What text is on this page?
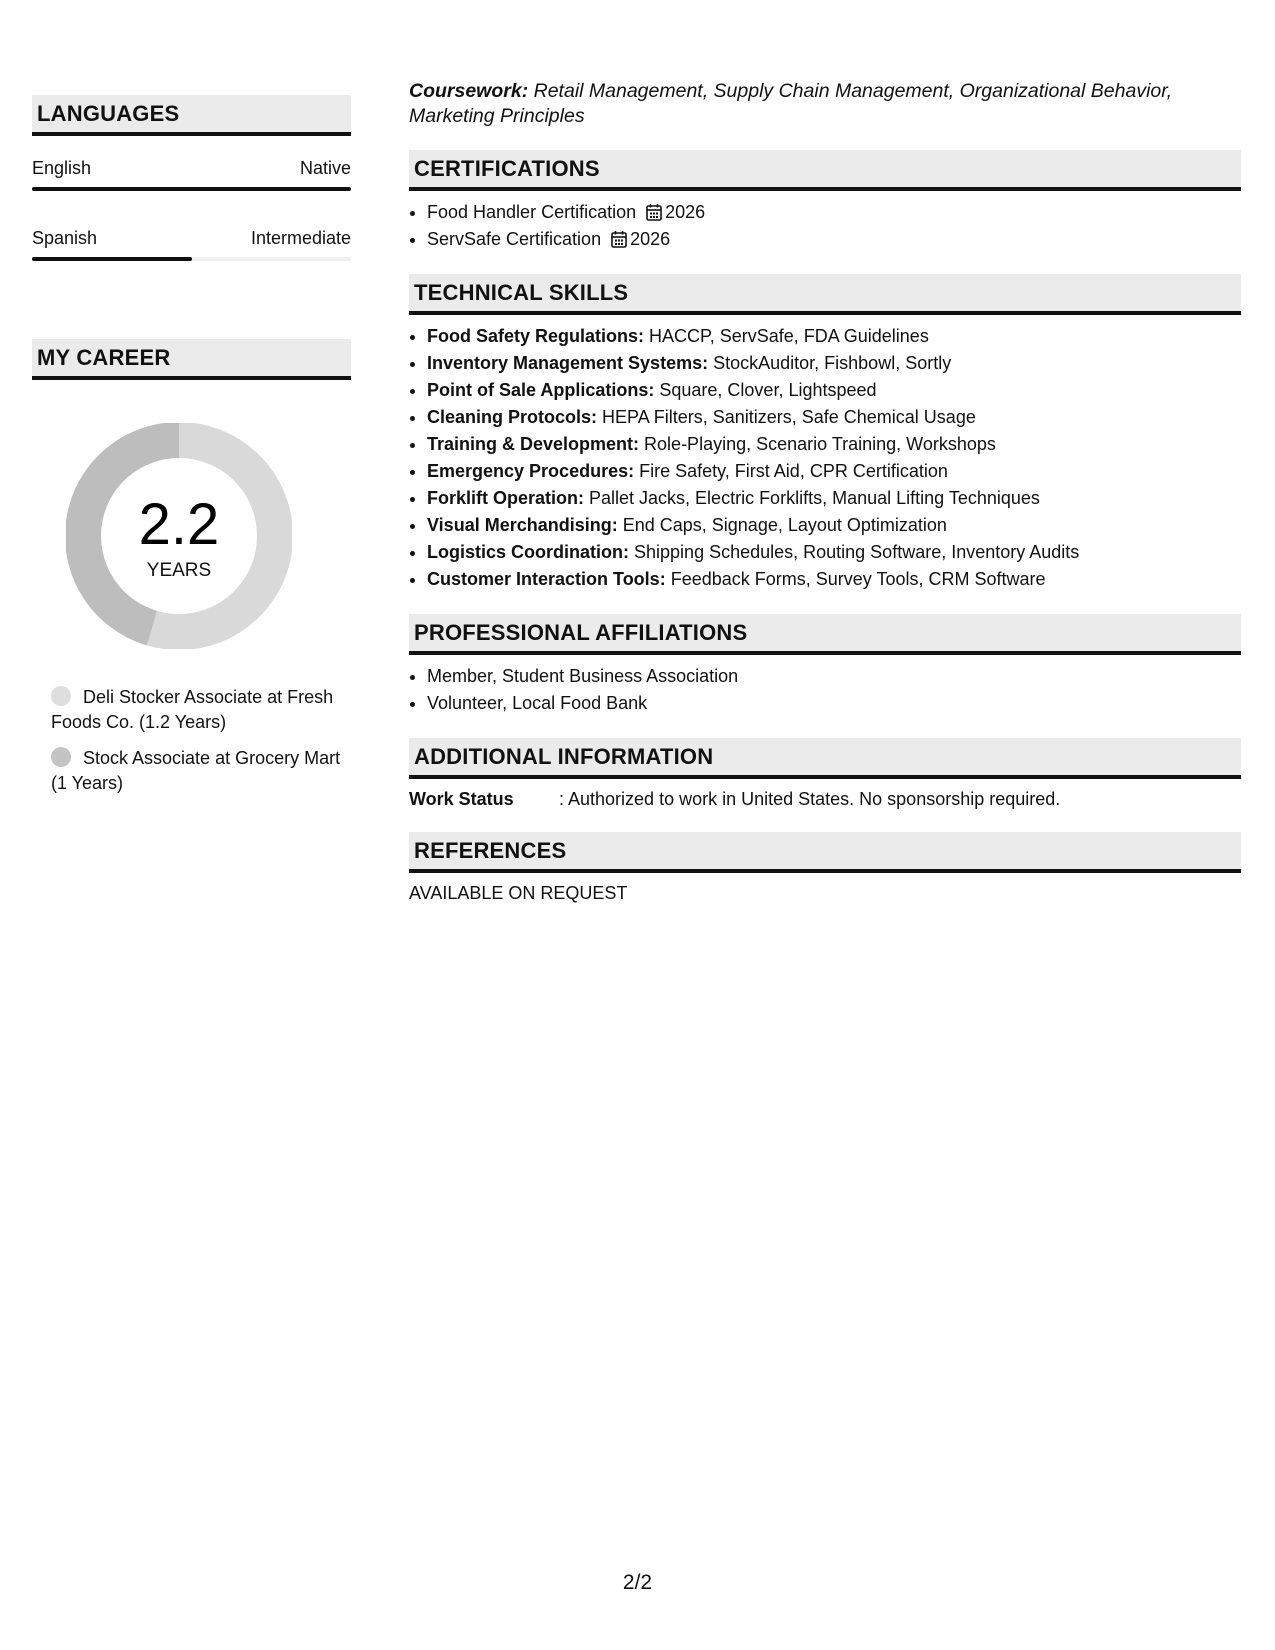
LANGUAGES
English	Native
Spanish	Intermediate
MY CAREER
2.2
YEARS
Deli Stocker Associate at Fresh Foods Co. (1.2 Years)
Stock Associate at Grocery Mart (1 Years)
Coursework: Retail Management, Supply Chain Management, Organizational Behavior, Marketing Principles
CERTIFICATIONS
• Food Handler Certification 2026
• ServSafe Certification 2026
TECHNICAL SKILLS
• Food Safety Regulations: HACCP, ServSafe, FDA Guidelines
• Inventory Management Systems: StockAuditor, Fishbowl, Sortly
• Point of Sale Applications: Square, Clover, Lightspeed
• Cleaning Protocols: HEPA Filters, Sanitizers, Safe Chemical Usage
• Training & Development: Role-Playing, Scenario Training, Workshops
• Emergency Procedures: Fire Safety, First Aid, CPR Certification
• Forklift Operation: Pallet Jacks, Electric Forklifts, Manual Lifting Techniques
• Visual Merchandising: End Caps, Signage, Layout Optimization
• Logistics Coordination: Shipping Schedules, Routing Software, Inventory Audits
• Customer Interaction Tools: Feedback Forms, Survey Tools, CRM Software
PROFESSIONAL AFFILIATIONS
• Member, Student Business Association
• Volunteer, Local Food Bank
ADDITIONAL INFORMATION
Work Status	: Authorized to work in United States. No sponsorship required.
REFERENCES
AVAILABLE ON REQUEST
2/2
